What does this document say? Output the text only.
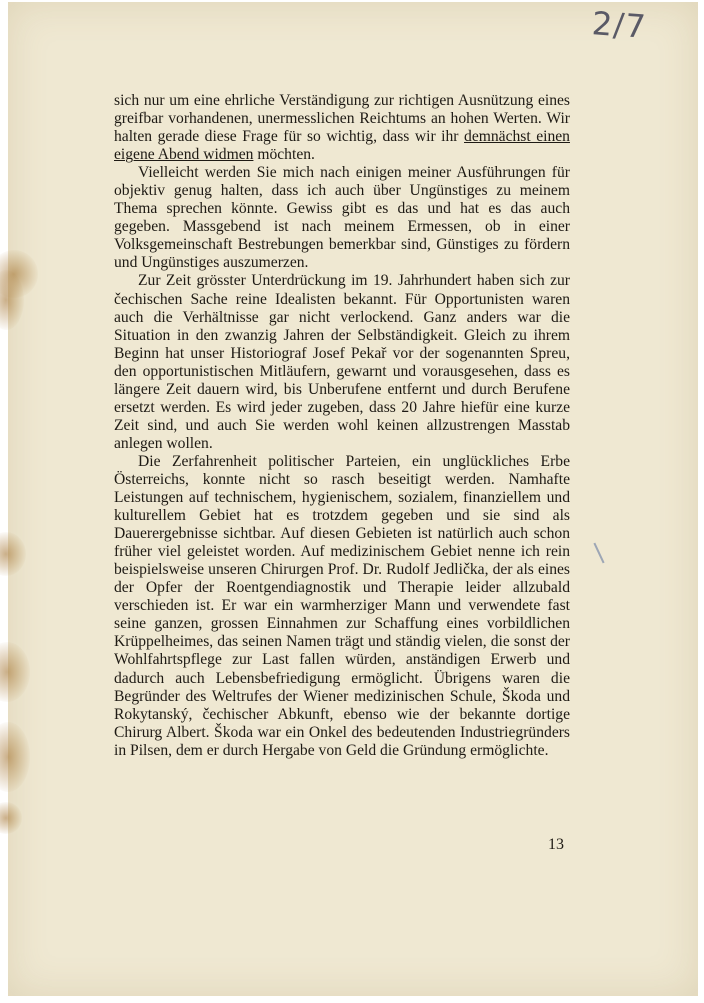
2/7

sich nur um eine ehrliche Verständigung zur richtigen Ausnützung eines greifbar vorhandenen, unermesslichen Reichtums an hohen Werten. Wir halten gerade diese Frage für so wichtig, dass wir ihr demnächst einen eigene Abend widmen möchten.

Vielleicht werden Sie mich nach einigen meiner Ausführungen für objektiv genug halten, dass ich auch über Ungünstiges zu meinem Thema sprechen könnte. Gewiss gibt es das und hat es das auch gegeben. Massgebend ist nach meinem Ermessen, ob in einer Volksgemeinschaft Bestrebungen bemerkbar sind, Günstiges zu fördern und Ungünstiges auszumerzen.

Zur Zeit grösster Unterdrückung im 19. Jahrhundert haben sich zur čechischen Sache reine Idealisten bekannt. Für Opportunisten waren auch die Verhältnisse gar nicht verlockend. Ganz anders war die Situation in den zwanzig Jahren der Selbständigkeit. Gleich zu ihrem Beginn hat unser Historiograf Josef Pekař vor der sogenannten Spreu, den opportunistischen Mitläufern, gewarnt und vorausgesehen, dass es längere Zeit dauern wird, bis Unberufene entfernt und durch Berufene ersetzt werden. Es wird jeder zugeben, dass 20 Jahre hiefür eine kurze Zeit sind, und auch Sie werden wohl keinen allzustrengen Masstab anlegen wollen.

Die Zerfahrenheit politischer Parteien, ein unglückliches Erbe Österreichs, konnte nicht so rasch beseitigt werden. Namhafte Leistungen auf technischem, hygienischem, sozialem, finanziellem und kulturellem Gebiet hat es trotzdem gegeben und sie sind als Dauerergebnisse sichtbar. Auf diesen Gebieten ist natürlich auch schon früher viel geleistet worden. Auf medizinischem Gebiet nenne ich rein beispielsweise unseren Chirurgen Prof. Dr. Rudolf Jedlička, der als eines der Opfer der Roentgendiagnostik und Therapie leider allzubald verschieden ist. Er war ein warmherziger Mann und verwendete fast seine ganzen, grossen Einnahmen zur Schaffung eines vorbildlichen Krüppelheimes, das seinen Namen trägt und ständig vielen, die sonst der Wohlfahrtspflege zur Last fallen würden, anständigen Erwerb und dadurch auch Lebensbefriedigung ermöglicht. Übrigens waren die Begründer des Weltrufes der Wiener medizinischen Schule, Škoda und Rokytanský, čechischer Abkunft, ebenso wie der bekannte dortige Chirurg Albert. Škoda war ein Onkel des bedeutenden Industriegründers in Pilsen, dem er durch Hergabe von Geld die Gründung ermöglichte.

13
